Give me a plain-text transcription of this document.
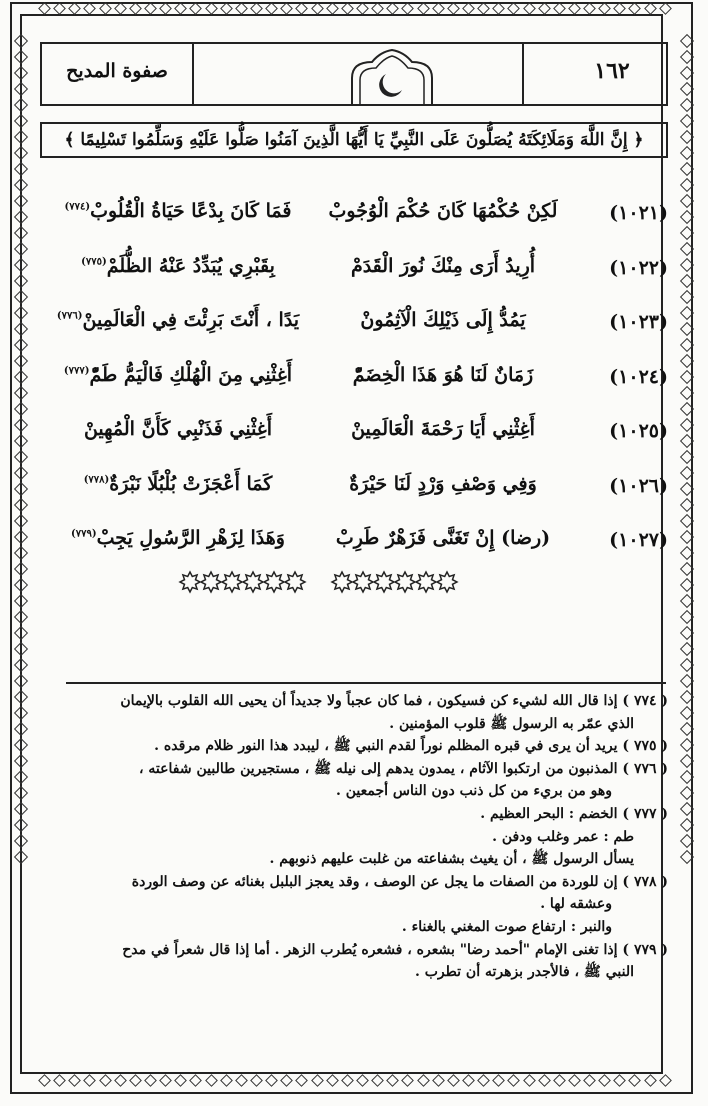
صفوة المديح	١٦٢
﴿ إِنَّ اللَّهَ وَمَلَائِكَتَهُ يُصَلُّونَ عَلَى النَّبِيِّ يَا أَيُّهَا الَّذِينَ آمَنُوا صَلُّوا عَلَيْهِ وَسَلِّمُوا تَسْلِيمًا ﴾
(١٠٢١)
لَكِنْ حُكْمُهَا كَانَ حُكْمَ الْوُجُوبْ
فَمَا كَانَ بِدْعًا حَيَاةُ الْقُلُوبْ$^{(٧٧٤)}$
(١٠٢٢)
أُرِيدُ أَرَى مِنْكَ نُورَ الْقَدَمْ
بِقَبْرِي يُبَدِّدُ عَنْهُ الظُّلَمْ$^{(٧٧٥)}$
(١٠٢٣)
يَمُدُّ إِلَى ذَيْلِكَ الْآثِمُونْ
يَدًا ، أَنْتَ بَرِئْتَ فِي الْعَالَمِينْ$^{(٧٧٦)}$
(١٠٢٤)
زَمَانٌ لَنَا هُوَ هَذَا الْخِضَمّْ
أَغِثْنِي مِنَ الْهُلْكِ فَالْيَمُّ طَمّْ$^{(٧٧٧)}$
(١٠٢٥)
أَغِثْنِي أَيَا رَحْمَةَ الْعَالَمِينْ
أَغِثْنِي فَذَنْبِي كَأَنَّ الْمُهِينْ
(١٠٢٦)
وَفِي وَصْفِ وَرْدٍ لَنَا حَيْرَةٌ
كَمَا أَعْجَزَتْ بُلْبُلًا نَبْرَةٌ$^{(٧٧٨)}$
(١٠٢٧)
(رضا) إِنْ تَغَنَّى فَزَهْرٌ طَرِبْ
وَهَذَا لِزَهْرِ الرَّسُولِ يَجِبْ$^{(٧٧٩)}$
( ٧٧٤ ) إذا قال الله لشيء كن فسيكون ، فما كان عجباً ولا جديداً أن يحيى الله القلوب بالإيمان
الذي عمّر به الرسول ﷺ قلوب المؤمنين .
( ٧٧٥ ) يريد أن يرى في قبره المظلم نوراً لقدم النبي ﷺ ، ليبدد هذا النور ظلام مرقده .
( ٧٧٦ ) المذنبون من ارتكبوا الآثام ، يمدون يدهم إلى نيله ﷺ ، مستجيرين طالبين شفاعته ،
وهو من بريء من كل ذنب دون الناس أجمعين .
( ٧٧٧ ) الخضم : البحر العظيم .
طم : عمر وغلب ودفن .
يسأل الرسول ﷺ ، أن يغيث بشفاعته من غلبت عليهم ذنوبهم .
( ٧٧٨ ) إن للوردة من الصفات ما يجل عن الوصف ، وقد يعجز البلبل بغنائه عن وصف الوردة
وعشقه لها .
والنبر : ارتفاع صوت المغني بالغناء .
( ٧٧٩ ) إذا تغنى الإمام "أحمد رضا" بشعره ، فشعره يُطرب الزهر . أما إذا قال شعراً في مدح
النبي ﷺ ، فالأجدر بزهرته أن تطرب .
